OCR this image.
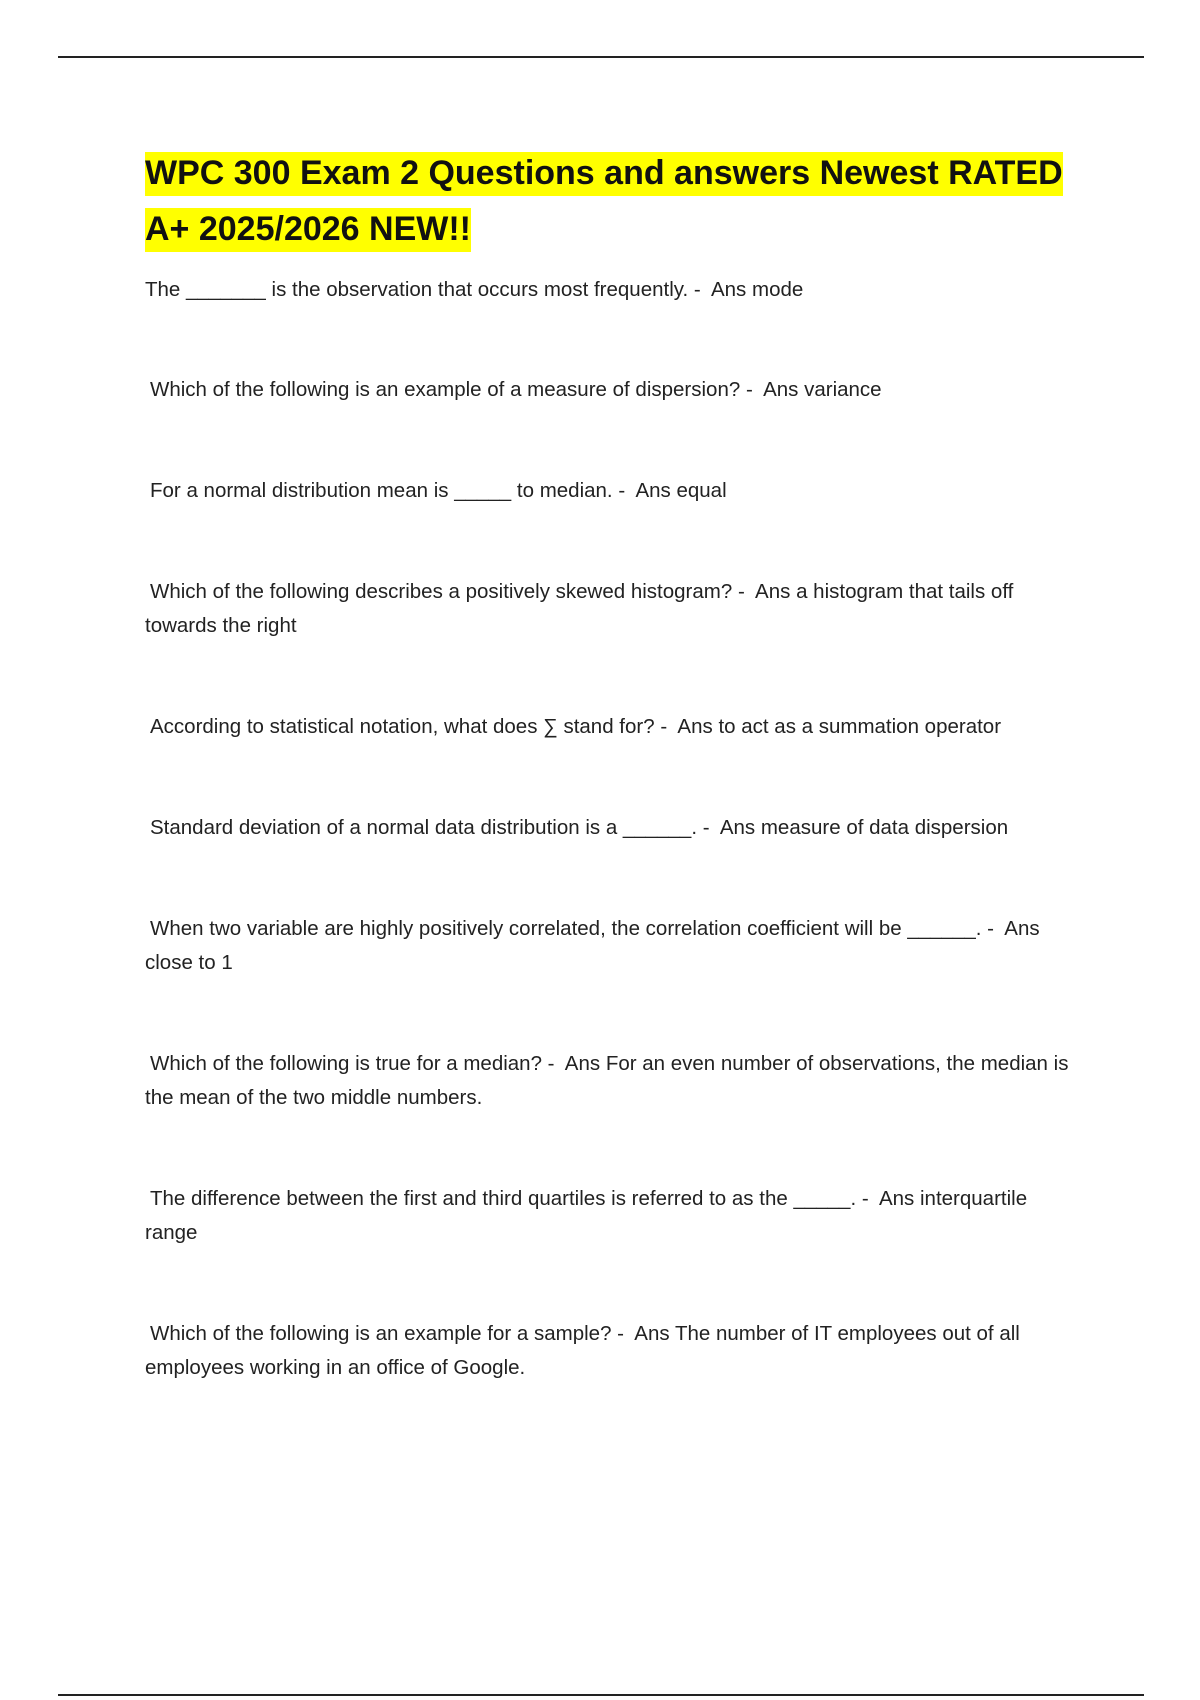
WPC 300 Exam 2 Questions and answers Newest RATED A+ 2025/2026 NEW!!

The _______ is the observation that occurs most frequently. -  Ans mode

Which of the following is an example of a measure of dispersion? -  Ans variance

For a normal distribution mean is _____ to median. -  Ans equal

Which of the following describes a positively skewed histogram? -  Ans a histogram that tails off towards the right

According to statistical notation, what does ∑ stand for? -  Ans to act as a summation operator

Standard deviation of a normal data distribution is a ______. -  Ans measure of data dispersion

When two variable are highly positively correlated, the correlation coefficient will be ______. -  Ans close to 1

Which of the following is true for a median? -  Ans For an even number of observations, the median is the mean of the two middle numbers.

The difference between the first and third quartiles is referred to as the _____. -  Ans interquartile range

Which of the following is an example for a sample? -  Ans The number of IT employees out of all employees working in an office of Google.
